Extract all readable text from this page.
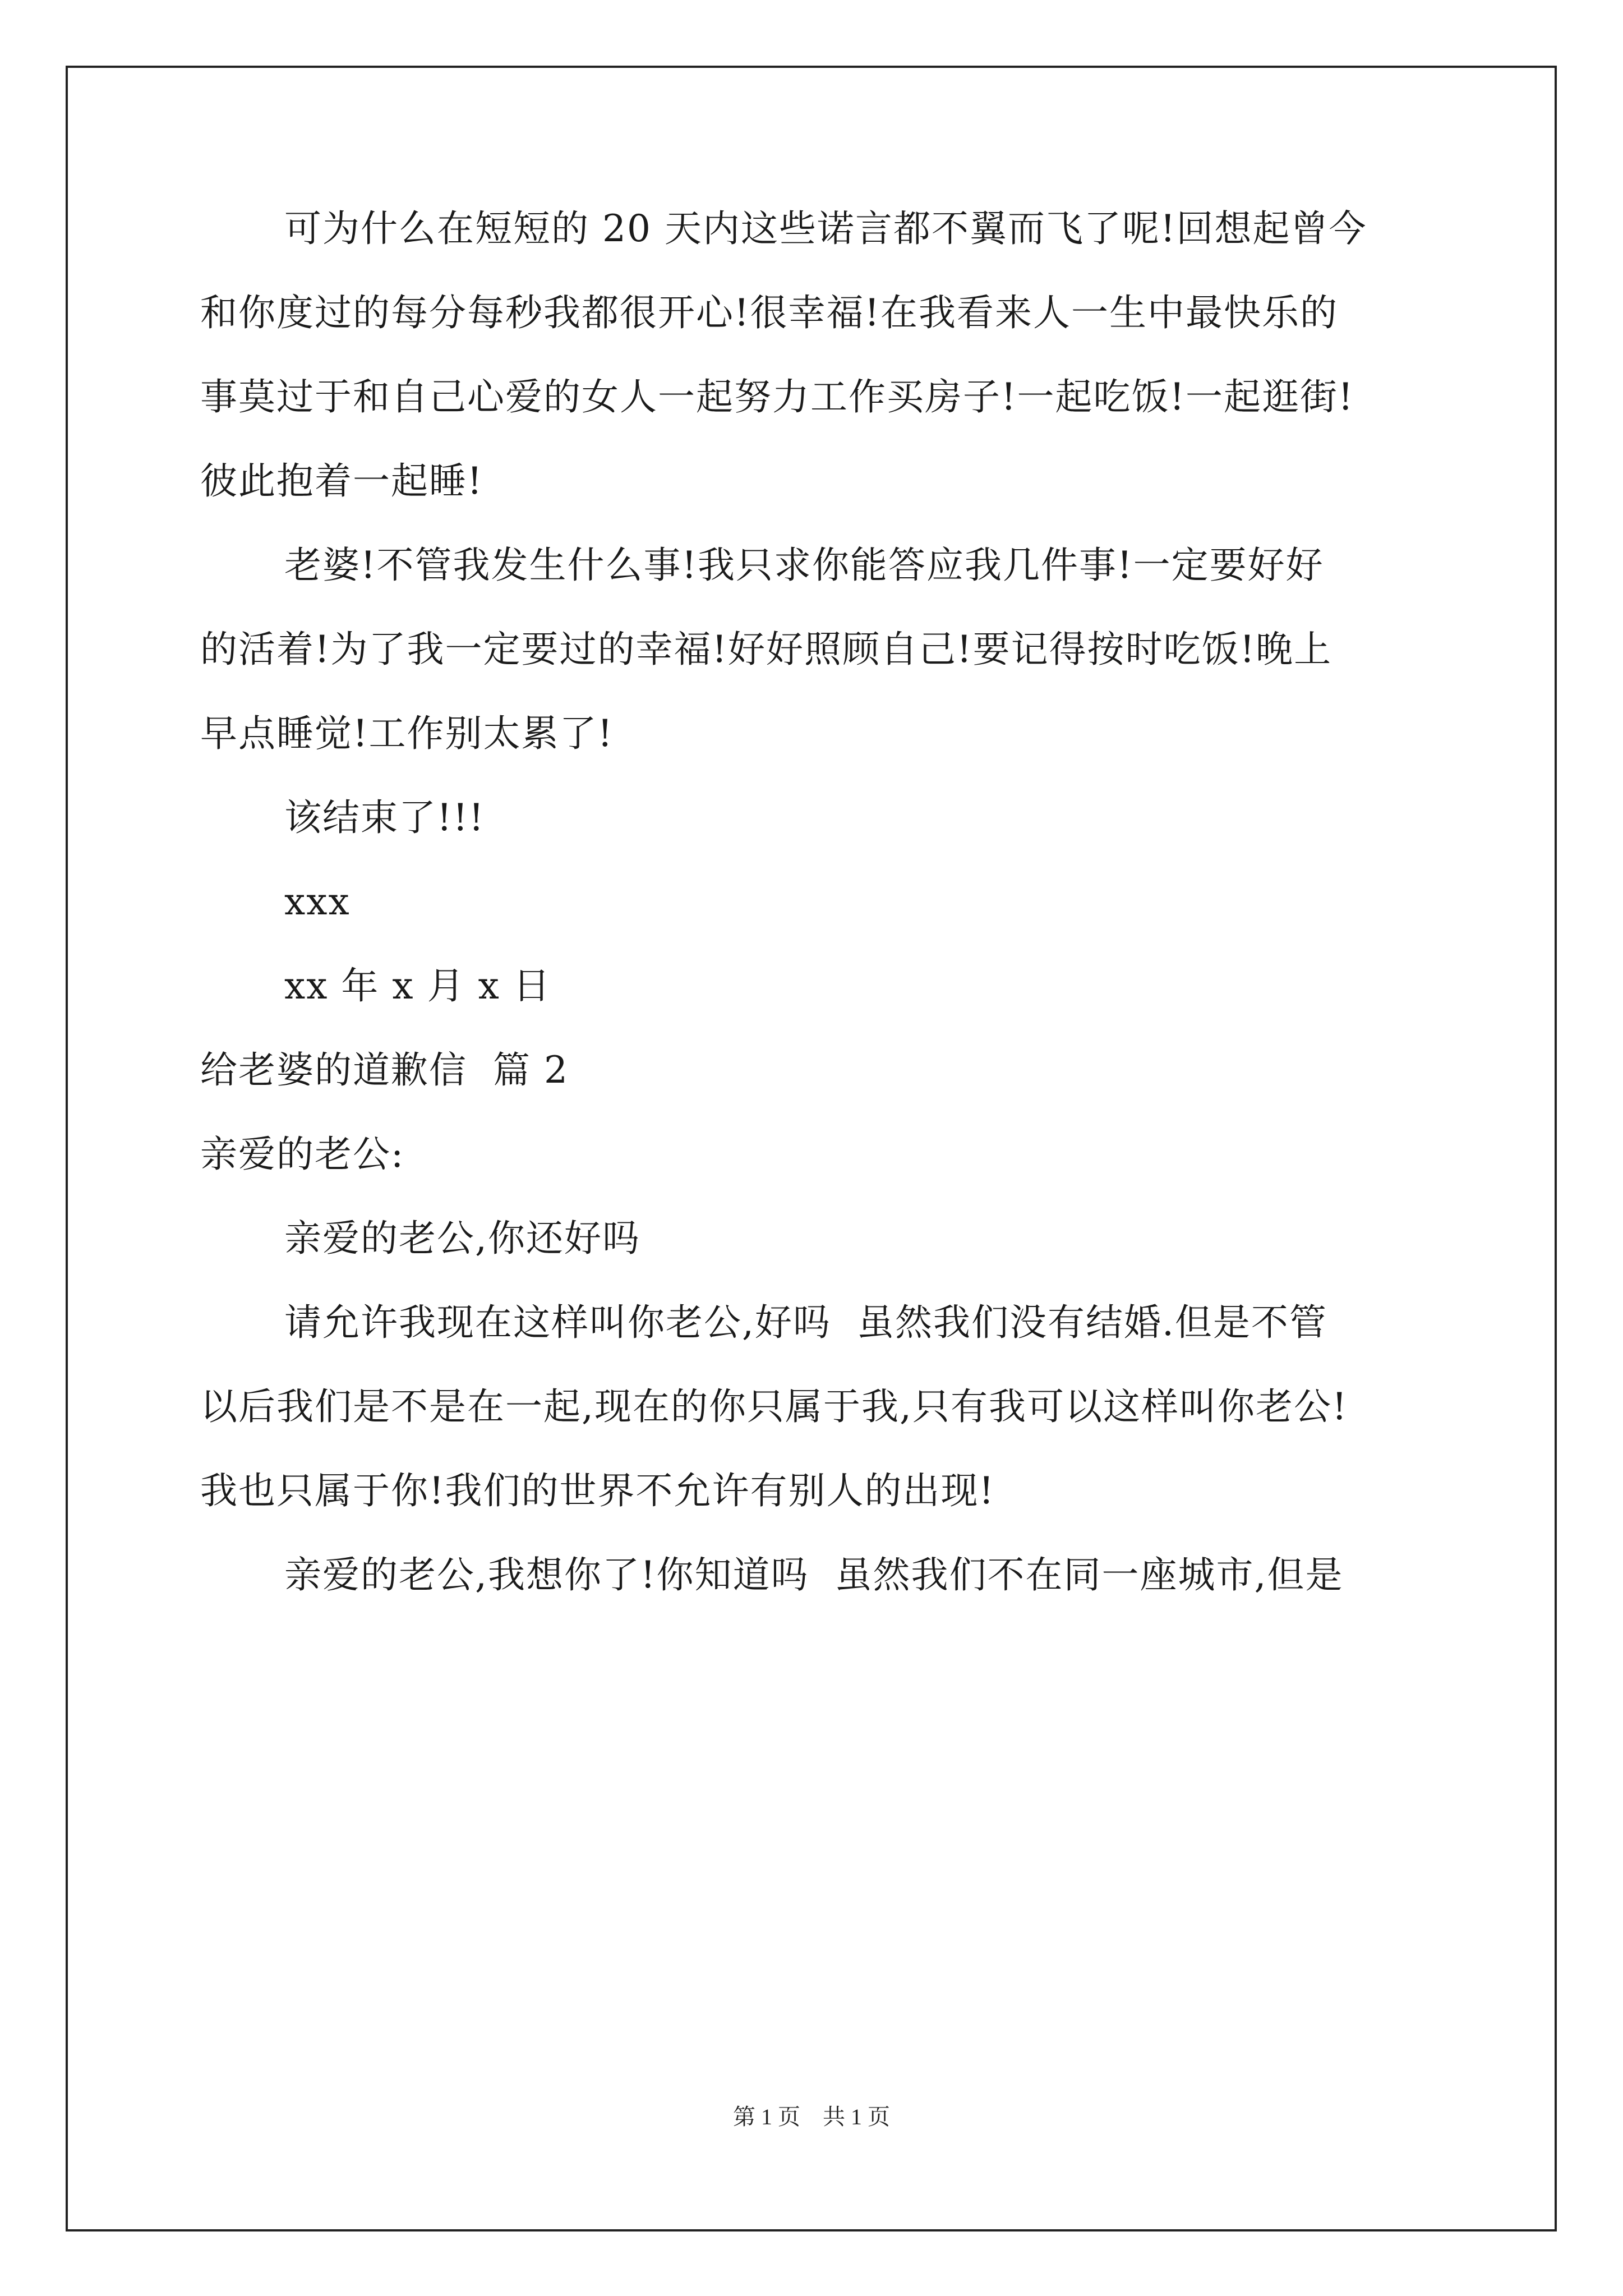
可为什么在短短的 20 天内这些诺言都不翼而飞了呢!回想起曾今

和你度过的每分每秒我都很开心!很幸福!在我看来人一生中最快乐的

事莫过于和自己心爱的女人一起努力工作买房子!一起吃饭!一起逛街!

彼此抱着一起睡!

老婆!不管我发生什么事!我只求你能答应我几件事!一定要好好

的活着!为了我一定要过的幸福!好好照顾自己!要记得按时吃饭!晚上

早点睡觉!工作别太累了!

该结束了!!!

xxx

xx 年 x 月 x 日

给老婆的道歉信  篇 2

亲爱的老公:

亲爱的老公,你还好吗

请允许我现在这样叫你老公,好吗  虽然我们没有结婚.但是不管

以后我们是不是在一起,现在的你只属于我,只有我可以这样叫你老公!

我也只属于你!我们的世界不允许有别人的出现!

亲爱的老公,我想你了!你知道吗  虽然我们不在同一座城市,但是

第 1 页    共 1 页
